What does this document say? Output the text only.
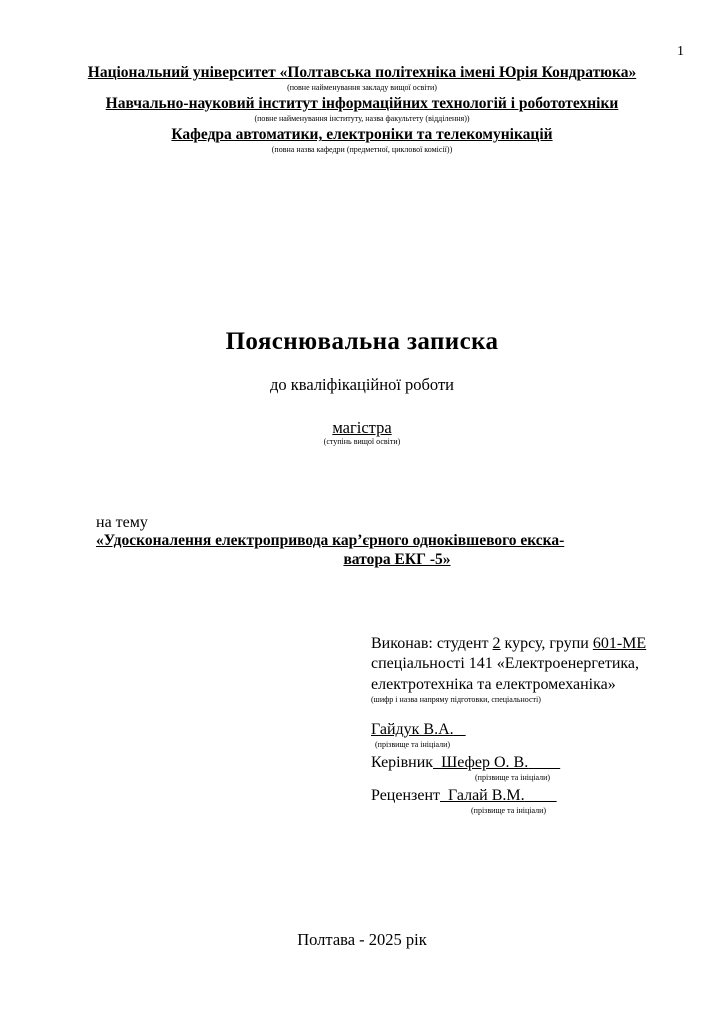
1
Національний університет «Полтавська політехніка імені Юрія Кондратюка»
(повне найменування закладу вищої освіти)
Навчально-науковий інститут інформаційних технологій і робототехніки
(повне найменування інституту, назва факультету (відділення))
Кафедра автоматики, електроніки та телекомунікацій
(повна назва кафедри (предметної, циклової комісії))
Пояснювальна записка
до кваліфікаційної роботи
магістра
(ступінь вищої освіти)
на тему
«Удосконалення електропривода кар’єрного однокiвшевого екска-
ватора ЕКГ -5»
Виконав: студент 2 курсу, групи 601-МЕ
спеціальності 141 «Електроенергетика,
електротехніка та електромеханіка»
(шифр і назва напряму підготовки, спеціальності)
Гайдук В.А.
(прізвище та ініціали)
Керівник Шефер О. В.
(прізвище та ініціали)
Рецензент Галай В.М.
(прізвище та ініціали)
Полтава - 2025 рік
